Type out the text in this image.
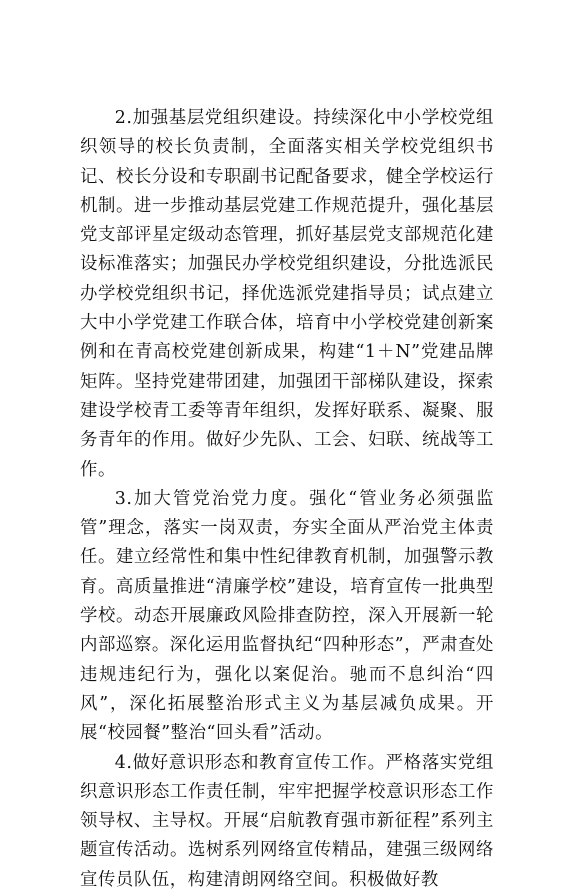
2.加强基层党组织建设。持续深化中小学校党组织领导的校长负责制，全面落实相关学校党组织书记、校长分设和专职副书记配备要求，健全学校运行机制。进一步推动基层党建工作规范提升，强化基层党支部评星定级动态管理，抓好基层党支部规范化建设标准落实；加强民办学校党组织建设，分批选派民办学校党组织书记，择优选派党建指导员；试点建立大中小学党建工作联合体，培育中小学校党建创新案例和在青高校党建创新成果，构建“1＋N”党建品牌矩阵。坚持党建带团建，加强团干部梯队建设，探索建设学校青工委等青年组织，发挥好联系、凝聚、服务青年的作用。做好少先队、工会、妇联、统战等工作。

3.加大管党治党力度。强化“管业务必须强监管”理念，落实一岗双责，夯实全面从严治党主体责任。建立经常性和集中性纪律教育机制，加强警示教育。高质量推进“清廉学校”建设，培育宣传一批典型学校。动态开展廉政风险排查防控，深入开展新一轮内部巡察。深化运用监督执纪“四种形态”，严肃查处违规违纪行为，强化以案促治。驰而不息纠治“四风”，深化拓展整治形式主义为基层减负成果。开展“校园餐”整治“回头看”活动。

4.做好意识形态和教育宣传工作。严格落实党组织意识形态工作责任制，牢牢把握学校意识形态工作领导权、主导权。开展“启航教育强市新征程”系列主题宣传活动。选树系列网络宣传精品，建强三级网络宣传员队伍，构建清朗网络空间。积极做好教
